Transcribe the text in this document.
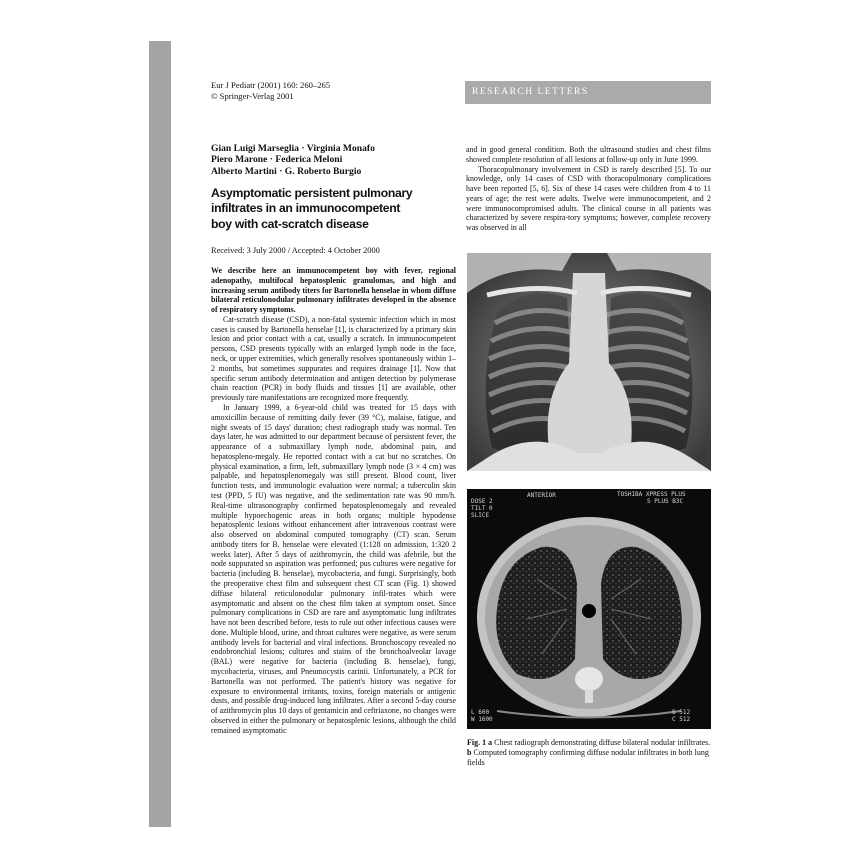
Eur J Pediatr (2001) 160: 260–265
© Springer-Verlag 2001	RESEARCH LETTERS
Gian Luigi Marseglia · Virginia Monafo
Piero Marone · Federica Meloni
Alberto Martini · G. Roberto Burgio
Asymptomatic persistent pulmonary
infiltrates in an immunocompetent
boy with cat-scratch disease
Received: 3 July 2000 / Accepted: 4 October 2000

We describe here an immunocompetent boy with fever, regional adenopathy, multifocal hepatosplenic granulomas, and high and increasing serum antibody titers for Bartonella henselae in whom diffuse bilateral reticulonodular pulmonary infiltrates developed in the absence of respiratory symptoms.

Cat-scratch disease (CSD), a non-fatal systemic infection which in most cases is caused by Bartonella henselae [1], is characterized by a primary skin lesion and prior contact with a cat, usually a scratch. In immunocompetent persons, CSD presents typically with an enlarged lymph node in the face, neck, or upper extremities, which generally resolves spontaneously within 1–2 months, but sometimes suppurates and requires drainage [1]. Now that specific serum antibody determination and antigen detection by polymerase chain reaction (PCR) in body fluids and tissues [1] are available, other previously rare manifestations are recognized more frequently.

In January 1999, a 6-year-old child was treated for 15 days with amoxicillin because of remitting daily fever (39 °C), malaise, fatigue, and night sweats of 15 days' duration; chest radiograph study was normal. Ten days later, he was admitted to our department because of persistent fever, the appearance of a submaxillary lymph node, abdominal pain, and hepatospleno-megaly. He reported contact with a cat but no scratches. On physical examination, a firm, left, submaxillary lymph node (3 × 4 cm) was palpable, and hepatosplenomegaly was still present. Blood count, liver function tests, and immunologic evaluation were normal; a tuberculin skin test (PPD, 5 IU) was negative, and the sedimentation rate was 90 mm/h. Real-time ultrasonography confirmed hepatosplenomegaly and revealed multiple hypoechogenic areas in both organs; multiple hypodense hepatosplenic lesions without enhancement after intravenous contrast were also observed on abdominal computed tomography (CT) scan. Serum antibody titers for B. henselae were elevated (1:128 on admission, 1:320 2 weeks later). After 5 days of azithromycin, the child was afebrile, but the node suppurated so aspiration was performed; pus cultures were negative for bacteria (including B. henselae), mycobacteria, and fungi. Surprisingly, both the preoperative chest film and subsequent chest CT scan (Fig. 1) showed diffuse bilateral reticulonodular pulmonary infil-trates which were asymptomatic and absent on the chest film taken at symptom onset. Since pulmonary complications in CSD are rare and asymptomatic lung infiltrates have not been described before, tests to rule out other infectious causes were done. Multiple blood, urine, and throat cultures were negative, as were serum antibody levels for bacterial and viral infections. Bronchoscopy revealed no endobronchial lesions; cultures and stains of the bronchoalveolar lavage (BAL) were negative for bacteria (including B. henselae), fungi, mycobacteria, viruses, and Pneumocystis carinii. Unfortunately, a PCR for Bartonella was not performed. The patient's history was negative for exposure to environmental irritants, toxins, foreign materials or antigenic dusts, and possible drug-induced lung infiltrates. After a second 5-day course of azithromycin plus 10 days of gentamicin and ceftriaxone, no changes were observed in either the pulmonary or hepatosplenic lesions, although the child remained asymptomatic

and in good general condition. Both the ultrasound studies and chest films showed complete resolution of all lesions at follow-up only in June 1999.

Thoracopulmonary involvement in CSD is rarely described [5]. To our knowledge, only 14 cases of CSD with thoracopulmonary complications have been reported [5, 6]. Six of these 14 cases were children from 4 to 11 years of age; the rest were adults. Twelve were immunocompetent, and 2 were immunocompromised adults. The clinical course in all patients was characterized by severe respira-tory symptoms; however, complete recovery was observed in all

ANTERIOR	TOSHIBA XPRESS PLUS
S PLUS B3C
DOSE 2 TILT 0 SLICE
L 600 W 1600
S 512 C 512
Fig. 1 a Chest radiograph demonstrating diffuse bilateral nodular infiltrates. b Computed tomography confirming diffuse nodular infiltrates in both lung fields
